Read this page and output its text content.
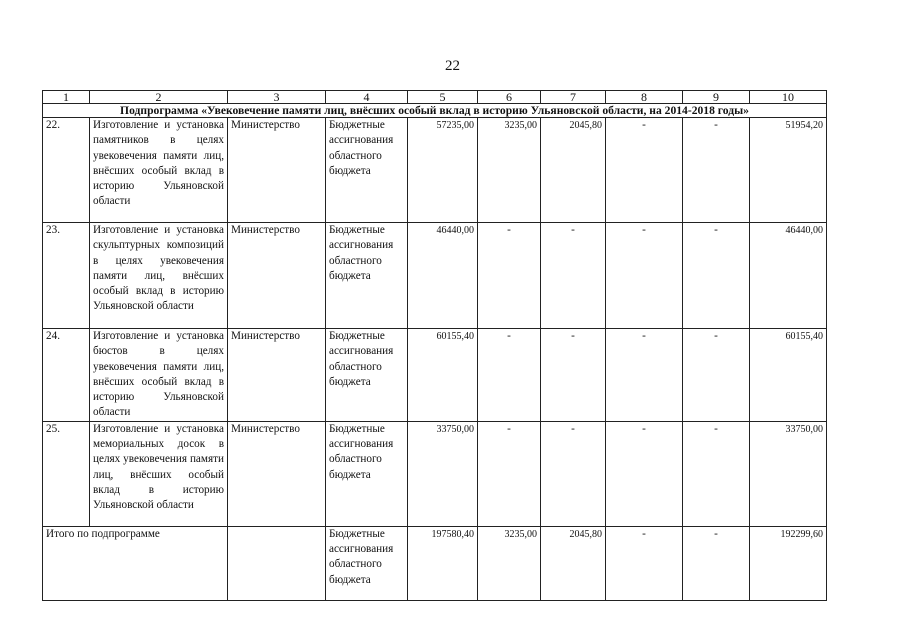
22
1	2	3	4	5	6	7	8	9	10
Подпрограмма «Увековечение памяти лиц, внёсших особый вклад в историю Ульяновской области, на 2014-2018 годы»									
22.	Изготовление и установка памятников в целях увековечения памяти лиц, внёсших особый вклад в историю Ульяновской области	Министерство	Бюджетные ассигнования областного бюджета	57235,00	3235,00	2045,80	-	-	51954,20
23.	Изготовление и установка скульптурных композиций в целях увековечения памяти лиц, внёсших особый вклад в историю Ульяновской области	Министерство	Бюджетные ассигнования областного бюджета	46440,00	-	-	-	-	46440,00
24.	Изготовление и установка бюстов в целях увековечения памяти лиц, внёсших особый вклад в историю Ульяновской области	Министерство	Бюджетные ассигнования областного бюджета	60155,40	-	-	-	-	60155,40
25.	Изготовление и установка мемориальных досок в целях увековечения памяти лиц, внёсших особый вклад в историю Ульяновской области	Министерство	Бюджетные ассигнования областного бюджета	33750,00	-	-	-	-	33750,00
Итого по подпрограмме			Бюджетные ассигнования областного бюджета	197580,40	3235,00	2045,80	-	-	192299,60
